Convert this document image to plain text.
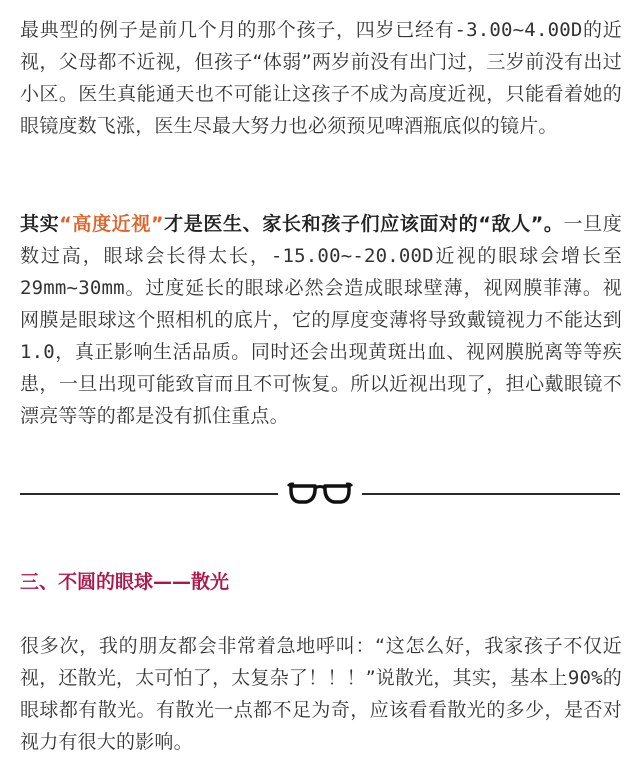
最典型的例子是前几个月的那个孩子，四岁已经有-3.00~4.00D的近视，父母都不近视，但孩子“体弱”两岁前没有出门过，三岁前没有出过小区。医生真能通天也不可能让这孩子不成为高度近视，只能看着她的眼镜度数飞涨，医生尽最大努力也必须预见啤酒瓶底似的镜片。

其实“高度近视”才是医生、家长和孩子们应该面对的“敌人”。一旦度数过高，眼球会长得太长，-15.00~-20.00D近视的眼球会增长至29mm~30mm。过度延长的眼球必然会造成眼球壁薄，视网膜菲薄。视网膜是眼球这个照相机的底片，它的厚度变薄将导致戴镜视力不能达到1.0，真正影响生活品质。同时还会出现黄斑出血、视网膜脱离等等疾患，一旦出现可能致盲而且不可恢复。所以近视出现了，担心戴眼镜不漂亮等等的都是没有抓住重点。

三、不圆的眼球——散光

很多次，我的朋友都会非常着急地呼叫：“这怎么好，我家孩子不仅近视，还散光，太可怕了，太复杂了！！！”说散光，其实，基本上90%的眼球都有散光。有散光一点都不足为奇，应该看看散光的多少，是否对视力有很大的影响。
